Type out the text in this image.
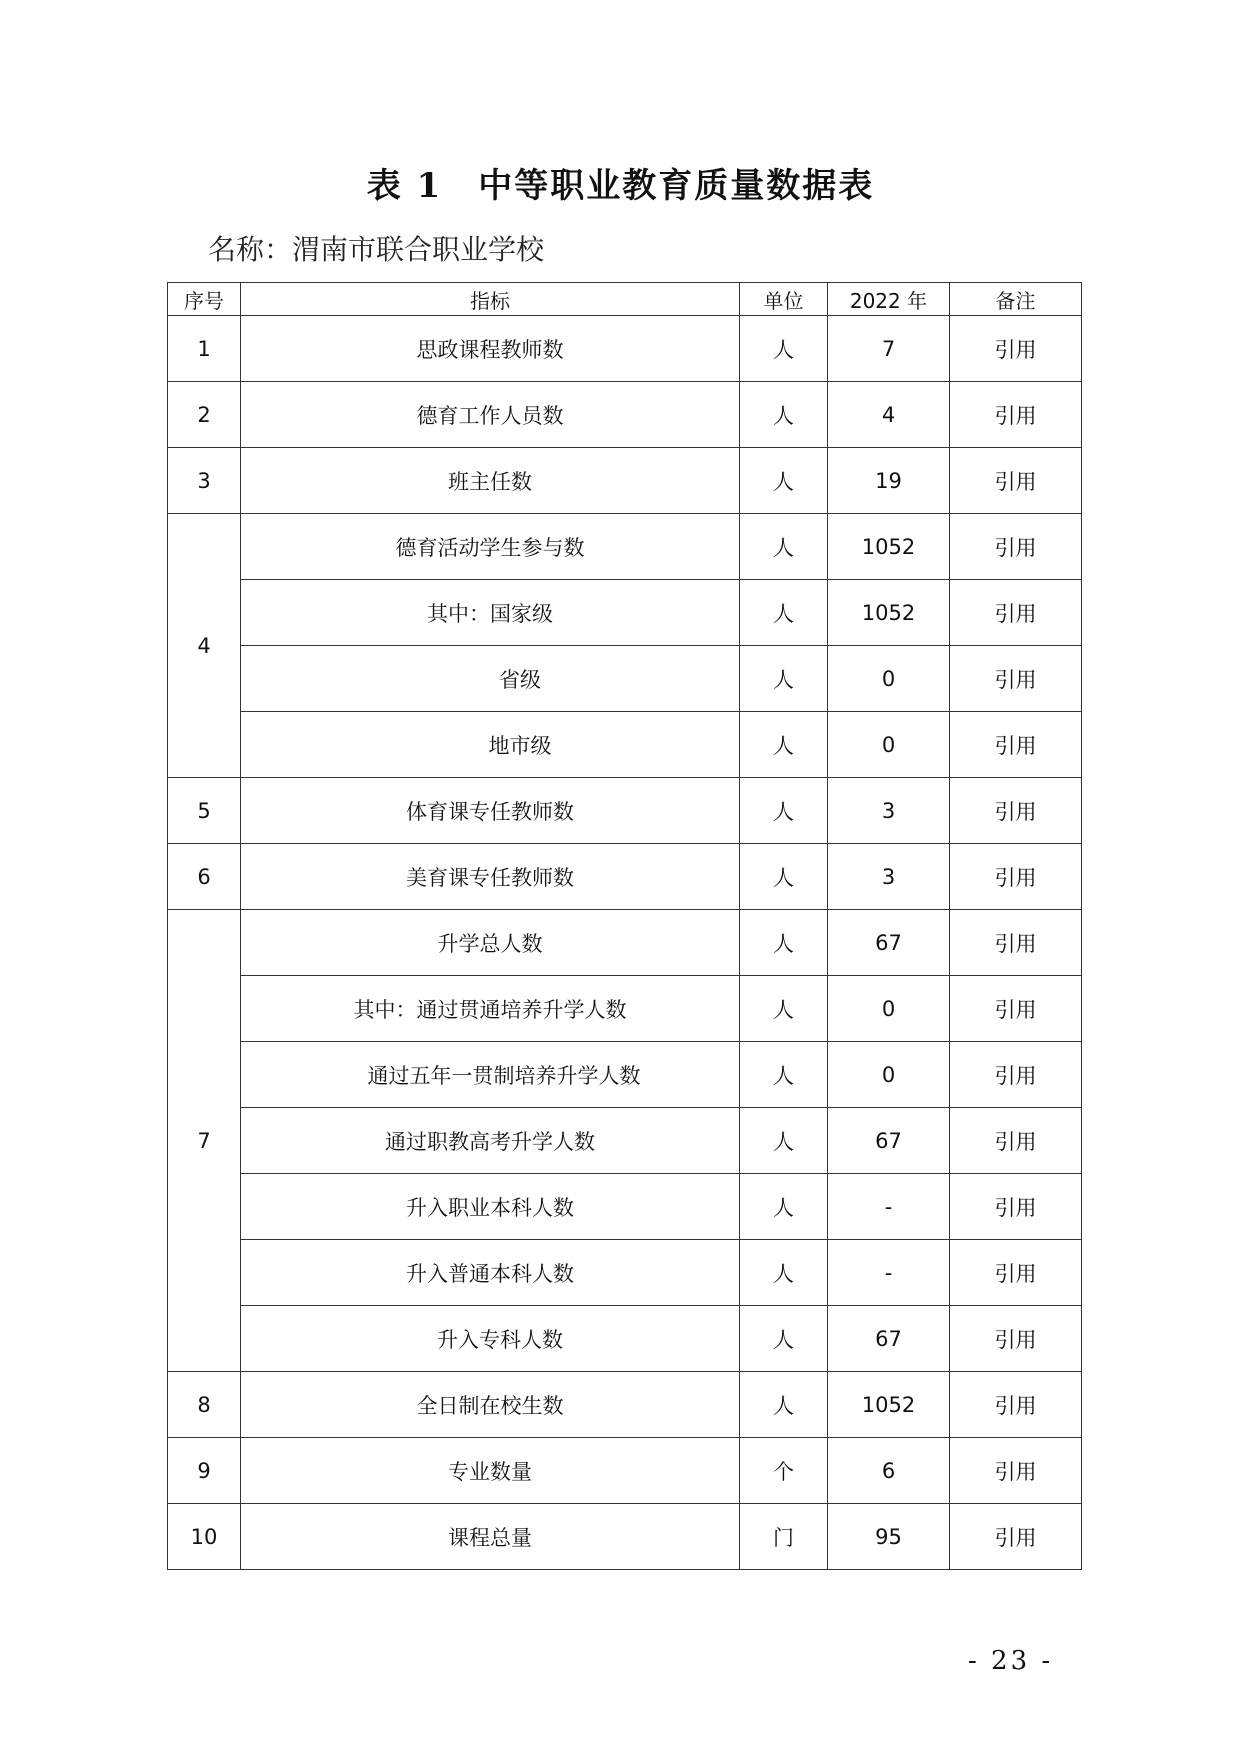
表 1　中等职业教育质量数据表
名称：渭南市联合职业学校
序号	指标	单位	2022 年	备注
1	思政课程教师数	人	7	引用
2	德育工作人员数	人	4	引用
3	班主任数	人	19	引用
4	德育活动学生参与数	人	1052	引用
	其中：国家级	人	1052	引用
	省级	人	0	引用
	地市级	人	0	引用
5	体育课专任教师数	人	3	引用
6	美育课专任教师数	人	3	引用
7	升学总人数	人	67	引用
	其中：通过贯通培养升学人数	人	0	引用
	通过五年一贯制培养升学人数	人	0	引用
	通过职教高考升学人数	人	67	引用
	升入职业本科人数	人	-	引用
	升入普通本科人数	人	-	引用
	升入专科人数	人	67	引用
8	全日制在校生数	人	1052	引用
9	专业数量	个	6	引用
10	课程总量	门	95	引用
- 23 -
